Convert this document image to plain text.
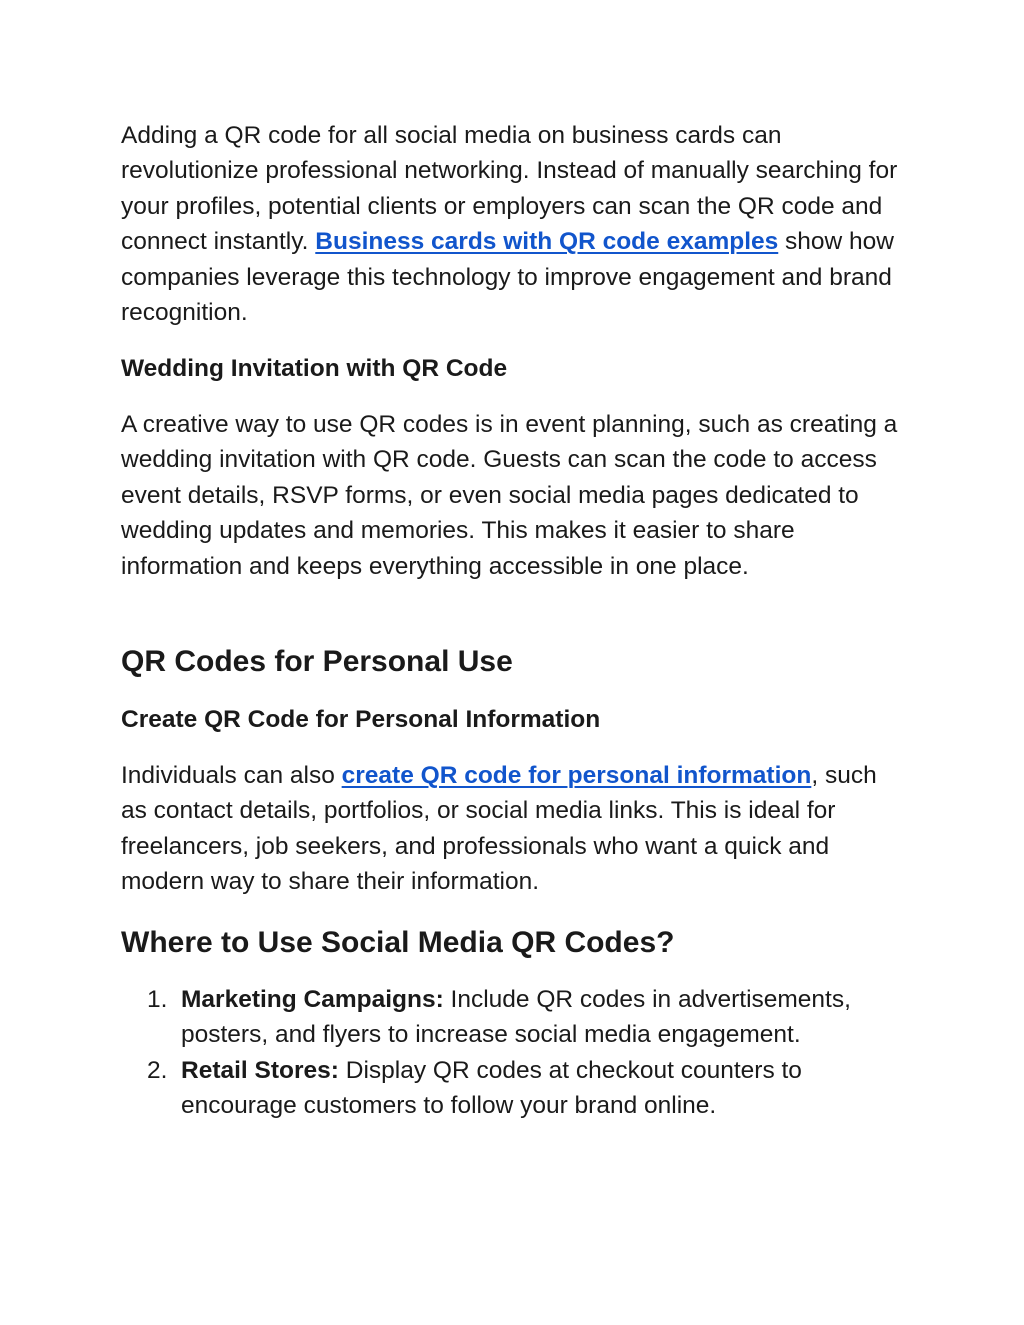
Adding a QR code for all social media on business cards can revolutionize professional networking. Instead of manually searching for your profiles, potential clients or employers can scan the QR code and connect instantly. Business cards with QR code examples show how companies leverage this technology to improve engagement and brand recognition.

Wedding Invitation with QR Code

A creative way to use QR codes is in event planning, such as creating a wedding invitation with QR code. Guests can scan the code to access event details, RSVP forms, or even social media pages dedicated to wedding updates and memories. This makes it easier to share information and keeps everything accessible in one place.

QR Codes for Personal Use
Create QR Code for Personal Information

Individuals can also create QR code for personal information, such as contact details, portfolios, or social media links. This is ideal for freelancers, job seekers, and professionals who want a quick and modern way to share their information.

Where to Use Social Media QR Codes?
1. Marketing Campaigns: Include QR codes in advertisements, posters, and flyers to increase social media engagement.
2. Retail Stores: Display QR codes at checkout counters to encourage customers to follow your brand online.
